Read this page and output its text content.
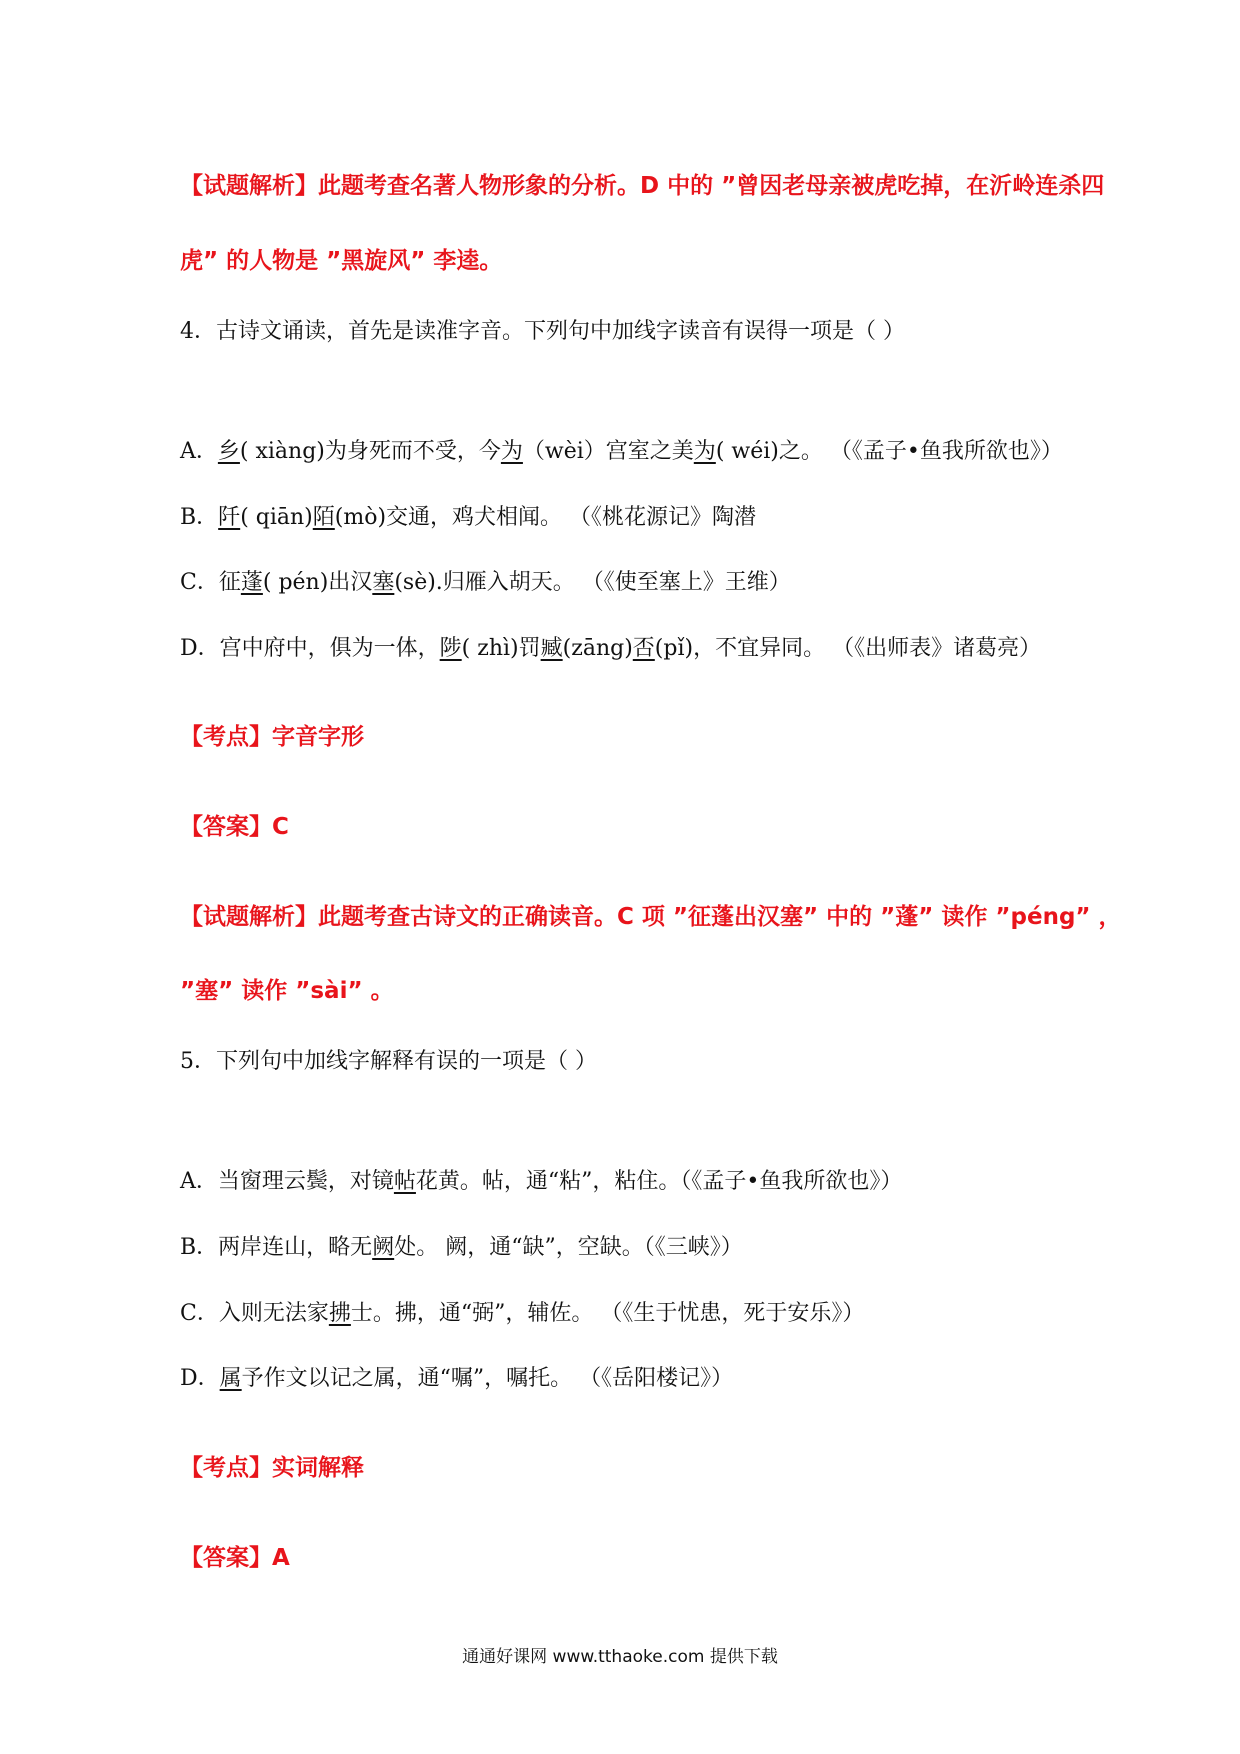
【试题解析】此题考查名著人物形象的分析。D 中的 ”曾因老母亲被虎吃掉，在沂岭连杀四
虎” 的人物是 ”黑旋风” 李逵。
4．古诗文诵读，首先是读准字音。下列句中加线字读音有误得一项是（ ）
A．乡( xiàng)为身死而不受，今为（wèi）宫室之美为( wéi)之。 （《孟子•鱼我所欲也》）
B．阡( qiān)陌(mò)交通，鸡犬相闻。 （《桃花源记》陶潜
C．征蓬( pén)出汉塞(sè).归雁入胡天。 （《使至塞上》王维）
D．宫中府中，俱为一体，陟( zhì)罚臧(zāng)否(pǐ)，不宜异同。 （《出师表》诸葛亮）
【考点】字音字形
【答案】C
【试题解析】此题考查古诗文的正确读音。C 项 ”征蓬出汉塞” 中的 ”蓬” 读作 ”péng” ，
”塞” 读作 ”sài” 。
5．下列句中加线字解释有误的一项是（ ）
A．当窗理云鬓，对镜帖花黄。帖，通“粘”，粘住。（《孟子•鱼我所欲也》）
B．两岸连山，略无阙处。 阙，通“缺”，空缺。（《三峡》）
C．入则无法家拂士。拂，通“弼”，辅佐。 （《生于忧患，死于安乐》）
D．属予作文以记之属，通“嘱”，嘱托。 （《岳阳楼记》）
【考点】实词解释
【答案】A
通通好课网 www.tthaoke.com 提供下载
